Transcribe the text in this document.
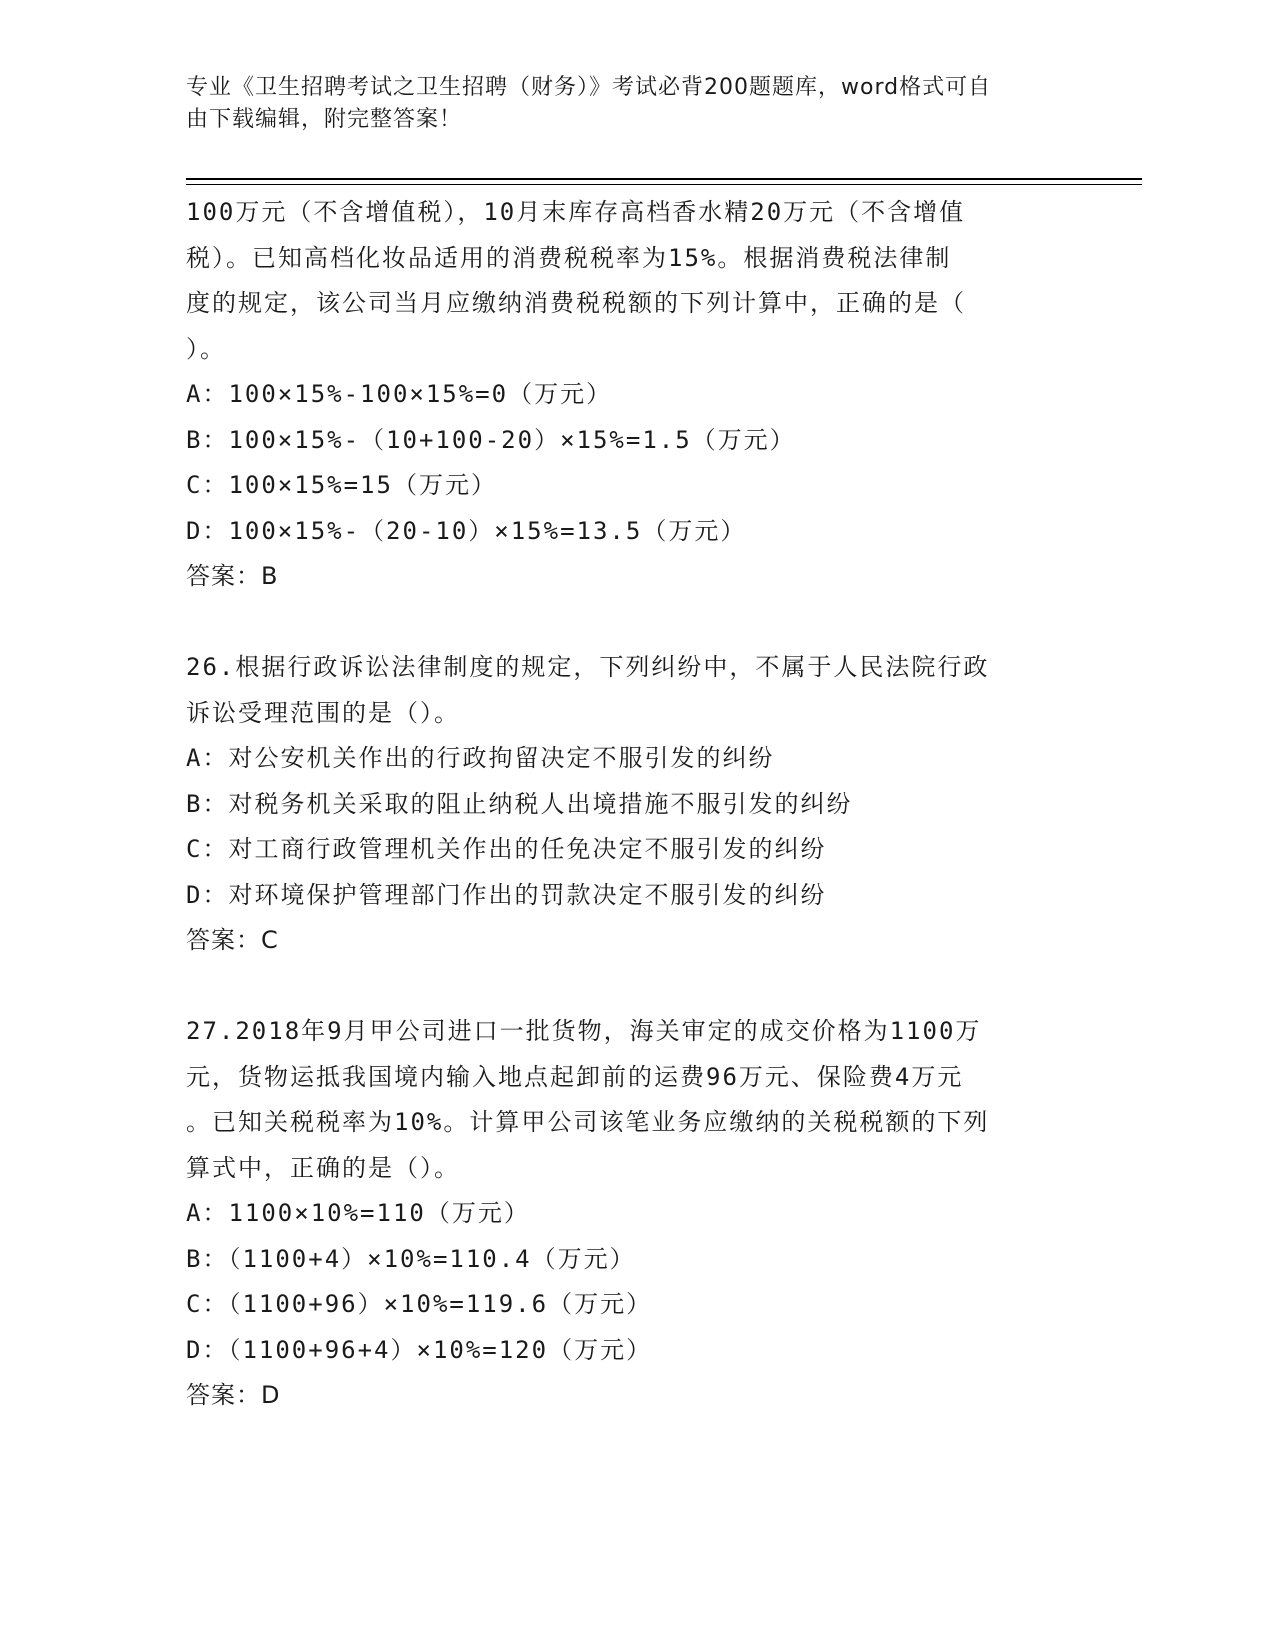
专业《卫生招聘考试之卫生招聘（财务）》考试必背200题题库，word格式可自
由下载编辑，附完整答案！

100万元（不含增值税），10月末库存高档香水精20万元（不含增值

税）。已知高档化妆品适用的消费税税率为15%。根据消费税法律制

度的规定，该公司当月应缴纳消费税税额的下列计算中，正确的是（

）。

A：100×15%-100×15%=0（万元）

B：100×15%-（10+100-20）×15%=1.5（万元）

C：100×15%=15（万元）

D：100×15%-（20-10）×15%=13.5（万元）

答案：B

26.根据行政诉讼法律制度的规定，下列纠纷中，不属于人民法院行政

诉讼受理范围的是（）。

A：对公安机关作出的行政拘留决定不服引发的纠纷

B：对税务机关采取的阻止纳税人出境措施不服引发的纠纷

C：对工商行政管理机关作出的任免决定不服引发的纠纷

D：对环境保护管理部门作出的罚款决定不服引发的纠纷

答案：C

27.2018年9月甲公司进口一批货物，海关审定的成交价格为1100万

元，货物运抵我国境内输入地点起卸前的运费96万元、保险费4万元

。已知关税税率为10%。计算甲公司该笔业务应缴纳的关税税额的下列

算式中，正确的是（）。

A：1100×10%=110（万元）

B：（1100+4）×10%=110.4（万元）

C：（1100+96）×10%=119.6（万元）

D：（1100+96+4）×10%=120（万元）

答案：D
